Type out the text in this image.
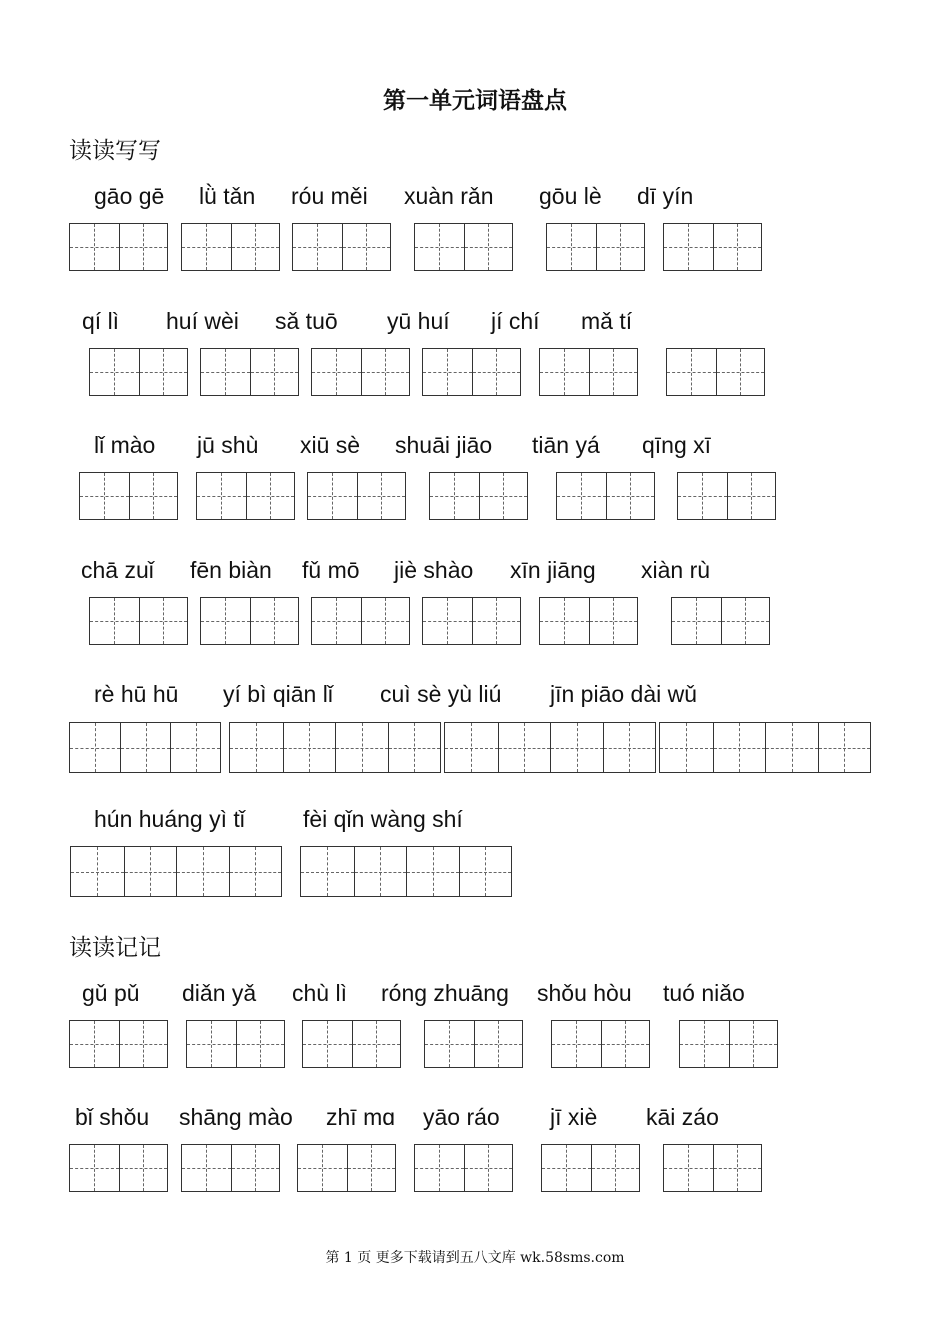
第一单元词语盘点
读读写写
读读记记
第 1 页 更多下载请到五八文库 wk.58sms.com
gāo gē lǜ tǎn róu měi xuàn rǎn gōu lè dī yín
qí lì huí wèi sǎ tuō yū huí jí chí mǎ tí
lǐ mào jū shù xiū sè shuāi jiāo tiān yá qīng xī
chā zuǐ fēn biàn fǔ mō jiè shào xīn jiāng xiàn rù
rè hū hū yí bì qiān lǐ cuì sè yù liú jīn piāo dài wǔ
hún huáng yì tǐ	fèi qǐn wàng shí
gǔ pǔ diǎn yǎ chù lì róng zhuāng shǒu hòu tuó niǎo
bǐ shǒu shāng mào zhī mɑ yāo ráo jī xiè kāi záo
